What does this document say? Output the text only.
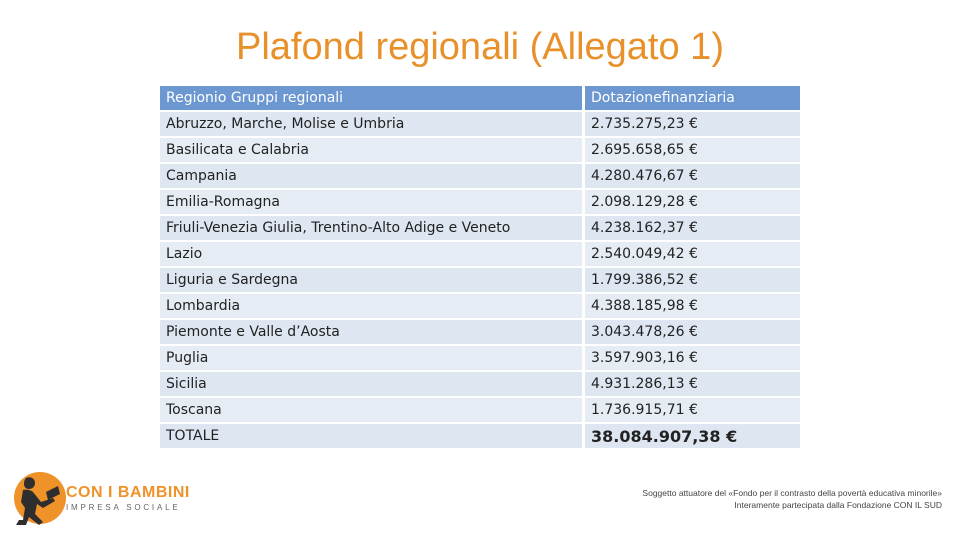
Plafond regionali (Allegato 1)
Regionio Gruppi regionali	Dotazionefinanziaria
Abruzzo, Marche, Molise e Umbria	2.735.275,23 €
Basilicata e Calabria	2.695.658,65 €
Campania	4.280.476,67 €
Emilia-Romagna	2.098.129,28 €
Friuli-Venezia Giulia, Trentino-Alto Adige e Veneto	4.238.162,37 €
Lazio	2.540.049,42 €
Liguria e Sardegna	1.799.386,52 €
Lombardia	4.388.185,98 €
Piemonte e Valle d’Aosta	3.043.478,26 €
Puglia	3.597.903,16 €
Sicilia	4.931.286,13 €
Toscana	1.736.915,71 €
TOTALE	38.084.907,38 €
CON I BAMBINI
IMPRESA SOCIALE
Soggetto attuatore del «Fondo per il contrasto della povertà educativa minorile»
Interamente partecipata dalla Fondazione CON IL SUD
